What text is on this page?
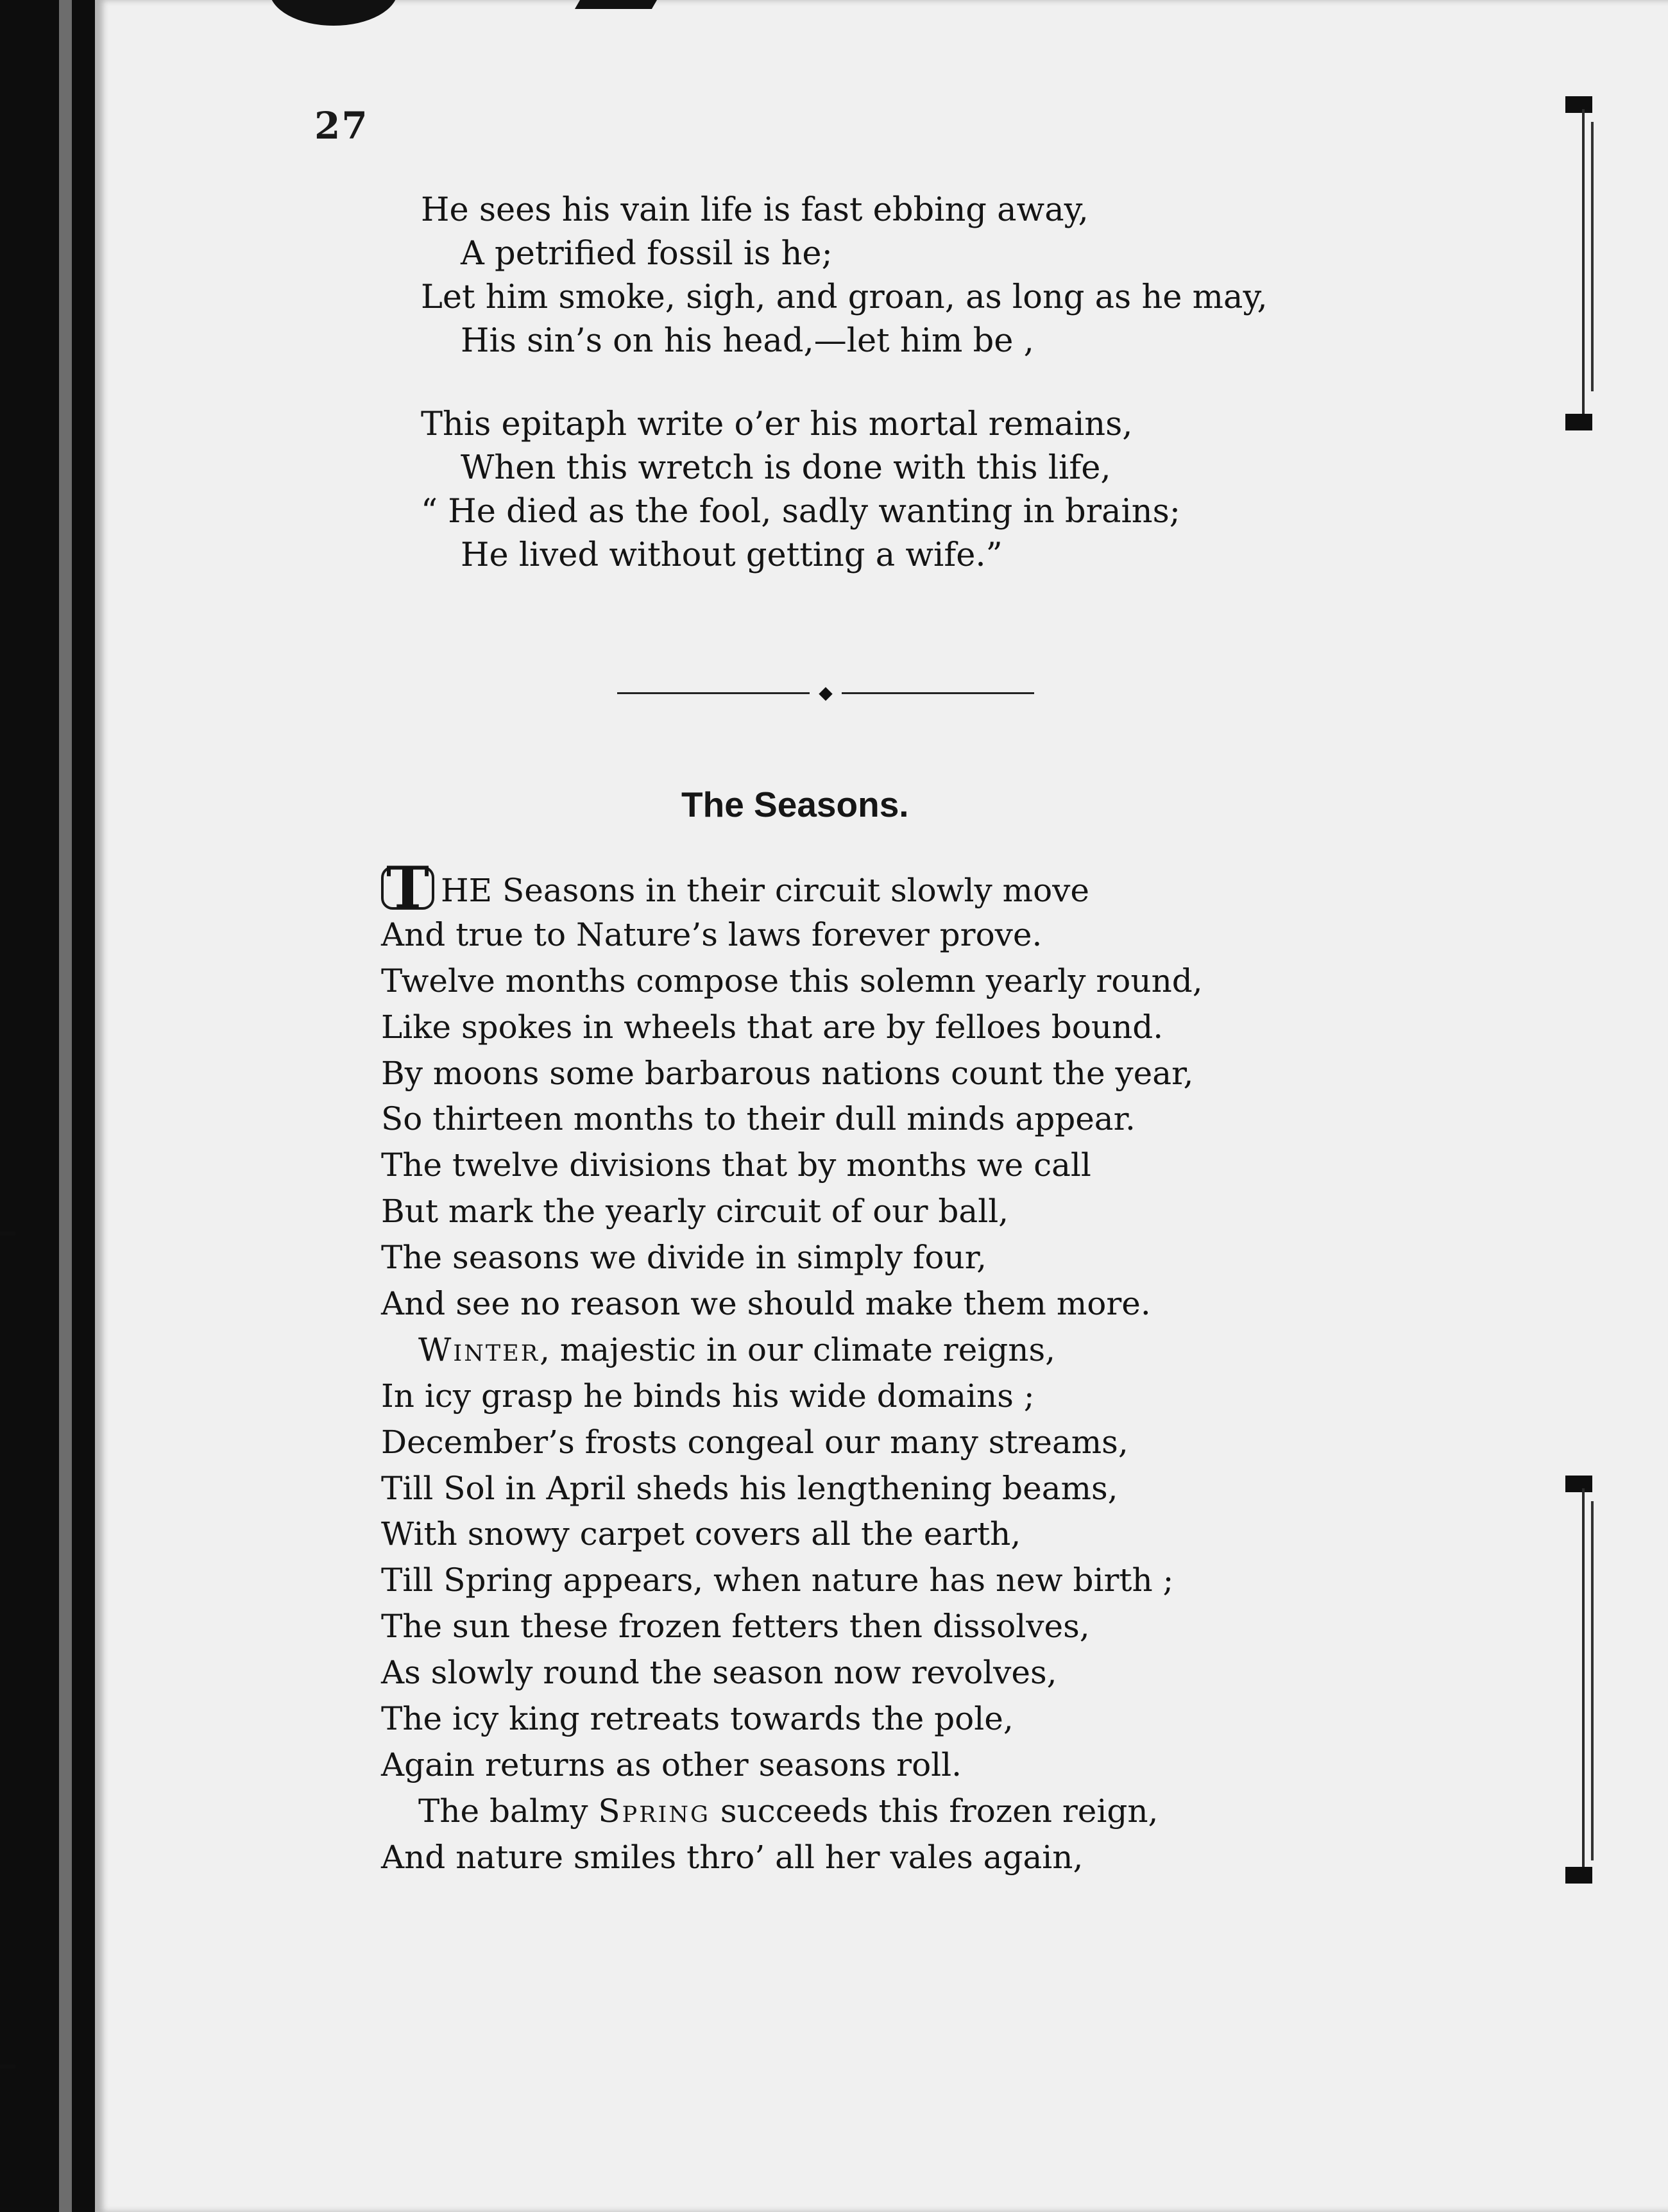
27
He sees his vain life is fast ebbing away,
A petrified fossil is he;
Let him smoke, sigh, and groan, as long as he may,
His sin’s on his head,—let him be ,
This epitaph write o’er his mortal remains,
When this wretch is done with this life,
“ He died as the fool, sadly wanting in brains;
He lived without getting a wife.”
◆
The Seasons.
T HE Seasons in their circuit slowly move
And true to Nature’s laws forever prove.
Twelve months compose this solemn yearly round,
Like spokes in wheels that are by felloes bound.
By moons some barbarous nations count the year,
So thirteen months to their dull minds appear.
The twelve divisions that by months we call
But mark the yearly circuit of our ball,
The seasons we divide in simply four,
And see no reason we should make them more.
Winter, majestic in our climate reigns,
In icy grasp he binds his wide domains ;
December’s frosts congeal our many streams,
Till Sol in April sheds his lengthening beams,
With snowy carpet covers all the earth,
Till Spring appears, when nature has new birth ;
The sun these frozen fetters then dissolves,
As slowly round the season now revolves,
The icy king retreats towards the pole,
Again returns as other seasons roll.
The balmy Spring succeeds this frozen reign,
And nature smiles thro’ all her vales again,
